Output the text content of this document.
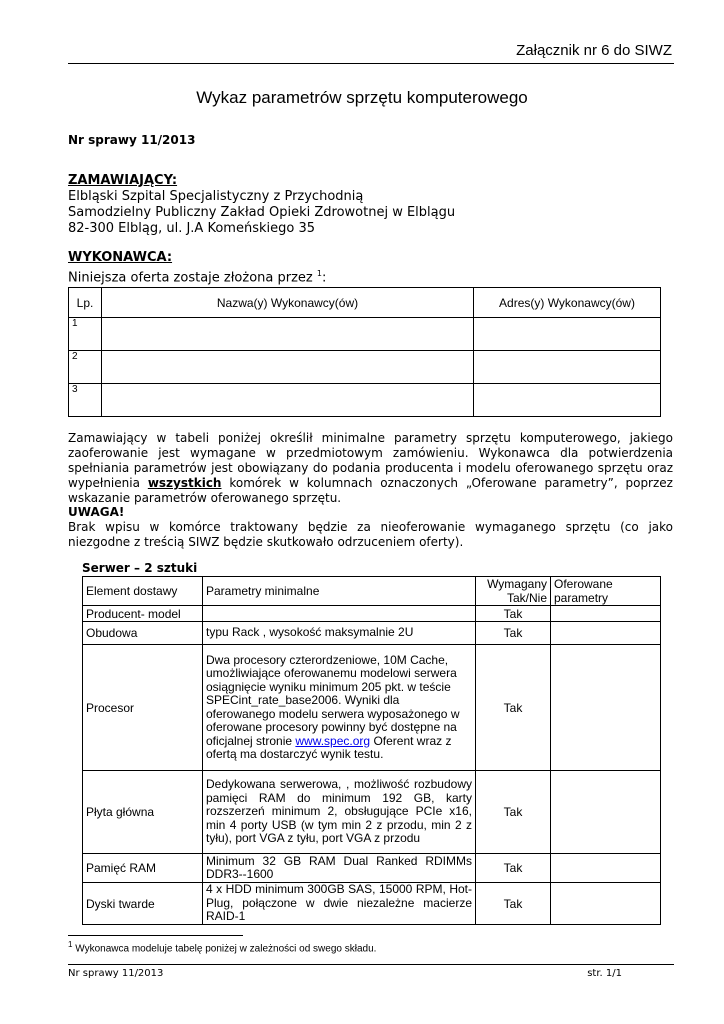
Załącznik nr 6 do SIWZ
Wykaz parametrów sprzętu komputerowego
Nr sprawy 11/2013
ZAMAWIAJĄCY:
Elbląski Szpital Specjalistyczny z Przychodnią
Samodzielny Publiczny Zakład Opieki Zdrowotnej w Elblągu
82-300 Elbląg, ul. J.A Komeńskiego 35
WYKONAWCA:
Niniejsza oferta zostaje złożona przez $^1$:
Lp.	Nazwa(y) Wykonawcy(ów)	Adres(y) Wykonawcy(ów)
1		
2		
3		
Zamawiający w tabeli poniżej określił minimalne parametry sprzętu komputerowego, jakiego zaoferowanie jest wymagane w przedmiotowym zamówieniu. Wykonawca dla potwierdzenia spełniania parametrów jest obowiązany do podania producenta i modelu oferowanego sprzętu oraz wypełnienia wszystkich komórek w kolumnach oznaczonych „Oferowane parametry”, poprzez wskazanie parametrów oferowanego sprzętu.
UWAGA!
Brak wpisu w komórce traktowany będzie za nieoferowanie wymaganego sprzętu (co jako niezgodne z treścią SIWZ będzie skutkowało odrzuceniem oferty).
Serwer – 2 sztuki
Element dostawy	Parametry minimalne	Wymagany Tak/Nie	Oferowane parametry
Producent- model		Tak	
Obudowa	typu Rack , wysokość maksymalnie 2U	Tak	
Procesor	Dwa procesory czterordzeniowe, 10M Cache, umożliwiające oferowanemu modelowi serwera osiągnięcie wyniku minimum 205 pkt. w teście SPECint_rate_base2006. Wyniki dla oferowanego modelu serwera wyposażonego w oferowane procesory powinny być dostępne na oficjalnej stronie www.spec.org Oferent wraz z ofertą ma dostarczyć wynik testu.	Tak	
Płyta główna	Dedykowana serwerowa, , możliwość rozbudowy pamięci RAM do minimum 192 GB, karty rozszerzeń minimum 2, obsługujące PCIe x16, min 4 porty USB (w tym min 2 z przodu, min 2 z tyłu), port VGA z tyłu, port VGA z przodu	Tak	
Pamięć RAM	Minimum 32 GB RAM Dual Ranked RDIMMs DDR3--1600	Tak	
Dyski twarde	4 x HDD minimum 300GB SAS, 15000 RPM, Hot-Plug, połączone w dwie niezależne macierze RAID-1	Tak	
$^1$ Wykonawca modeluje tabelę poniżej w zależności od swego składu.
Nr sprawy 11/2013	str. 1/1
